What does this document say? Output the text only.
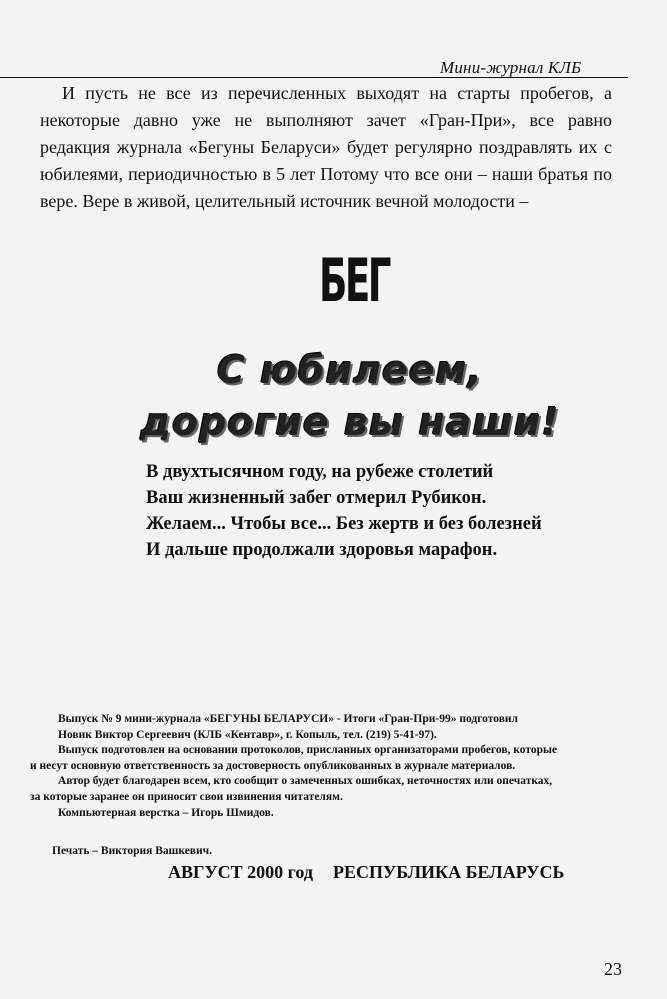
Мини-журнал КЛБ

И пусть не все из перечисленных выходят на старты пробегов, а некоторые давно уже не выполняют зачет «Гран-При», все равно редакция журнала «Бегуны Беларуси» будет регулярно поздравлять их с юбилеями, периодичностью в 5 лет Потому что все они – наши братья по вере. Вере в живой, целительный источник вечной молодости –

БЕГ
С юбилеем,
дорогие вы наши!
В двухтысячном году, на рубеже столетий
Ваш жизненный забег отмерил Рубикон.
Желаем... Чтобы все... Без жертв и без болезней
И дальше продолжали здоровья марафон.
Выпуск № 9 мини-журнала «БЕГУНЫ БЕЛАРУСИ» - Итоги «Гран-При-99» подготовил
Новик Виктор Сергеевич (КЛБ «Кентавр», г. Копыль, тел. (219) 5-41-97).
Выпуск подготовлен на основании протоколов, присланных организаторами пробегов, которые
и несут основную ответственность за достоверность опубликованных в журнале материалов.
Автор будет благодарен всем, кто сообщит о замеченных ошибках, неточностях или опечатках,
за которые заранее он приносит свои извинения читателям.
Компьютерная верстка – Игорь Шмидов.
Печать – Виктория Вашкевич.
АВГУСТ 2000 год РЕСПУБЛИКА БЕЛАРУСЬ
23
